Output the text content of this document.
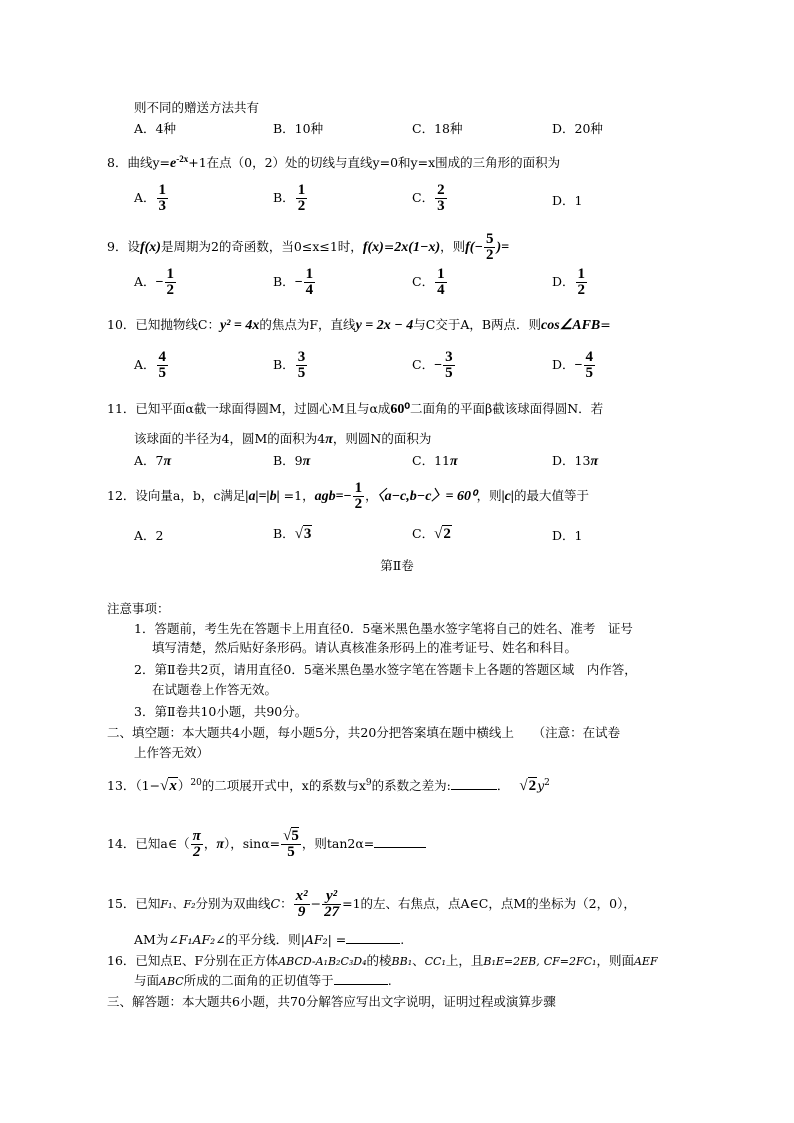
则不同的赠送方法共有
A．4种	B．10种	C．18种	D．20种
8．曲线$y=e^{-2x}+1$在点（0，2）处的切线与直线y=0和y=x围成的三角形的面积为
A． $\frac{1}{3}$	B． $\frac{1}{2}$	C． $\frac{2}{3}$	D．1
9．设f(x)是周期为2的奇函数，当0≤x≤1时，f(x)=2x(1−x)，则$f(- \frac{5}{2}$ )=
A．− $\frac{1}{2}$	B．− $\frac{1}{4}$	C． $\frac{1}{4}$	D． $\frac{1}{2}$
10．已知抛物线C：y² = 4x的焦点为F，直线y = 2x − 4与C交于A，B两点．则cos∠AFB=
A． $\frac{4}{5}$	B． $\frac{3}{5}$	C．− $\frac{3}{5}$	D．− $\frac{4}{5}$
11．已知平面α截一球面得圆M，过圆心M且与α成60⁰二面角的平面β截该球面得圆N．若
该球面的半径为4，圆M的面积为4π，则圆N的面积为
A．7π	B．9π	C．11π	D．13π
12．设向量a，b，c满足|a|=|b| =1，$agb=- \frac{1}{2}$ ，〈a−c,b−c〉= 60⁰，则|c|的最大值等于
A．2	B．√3	C．√2	D．1
第Ⅱ卷
注意事项：
1．答题前，考生先在答题卡上用直径0．5毫米黑色墨水签字笔将自己的姓名、准考　证号
填写清楚，然后贴好条形码。请认真核准条形码上的准考证号、姓名和科目。
2．第Ⅱ卷共2页，请用直径0．5毫米黑色墨水签字笔在答题卡上各题的答题区域　内作答，
在试题卷上作答无效。
3．第Ⅱ卷共10小题，共90分。
二、填空题：本大题共4小题，每小题5分，共20分把答案填在题中横线上　　（注意：在试卷
上作答无效）
13．$(1-√x)^{20}$的二项展开式中，x的系数与$x^9$的系数之差为:	． $√2y^2$
14．已知a∈（ $\frac{\pi}{2}$ ，π），$\sin\alpha= \frac{√5}{5}$ ，则tan2α=
15．已知F₁、F₂分别为双曲线C： $\frac{\text{x²}}{9} - \frac{\text{y²}}{27} =1$的左、右焦点，点A∈C，点M的坐标为（2，0），
AM为∠F₁AF₂∠的平分线．则|AF₂| =	.
16．已知点E、F分别在正方体ABCD-A₁B₂C₃D₄的棱BB₁、CC₁上，且B₁E=2EB, CF=2FC₁，则面AEF
与面ABC所成的二面角的正切值等于	.
三、解答题：本大题共6小题，共70分解答应写出文字说明，证明过程或演算步骤
